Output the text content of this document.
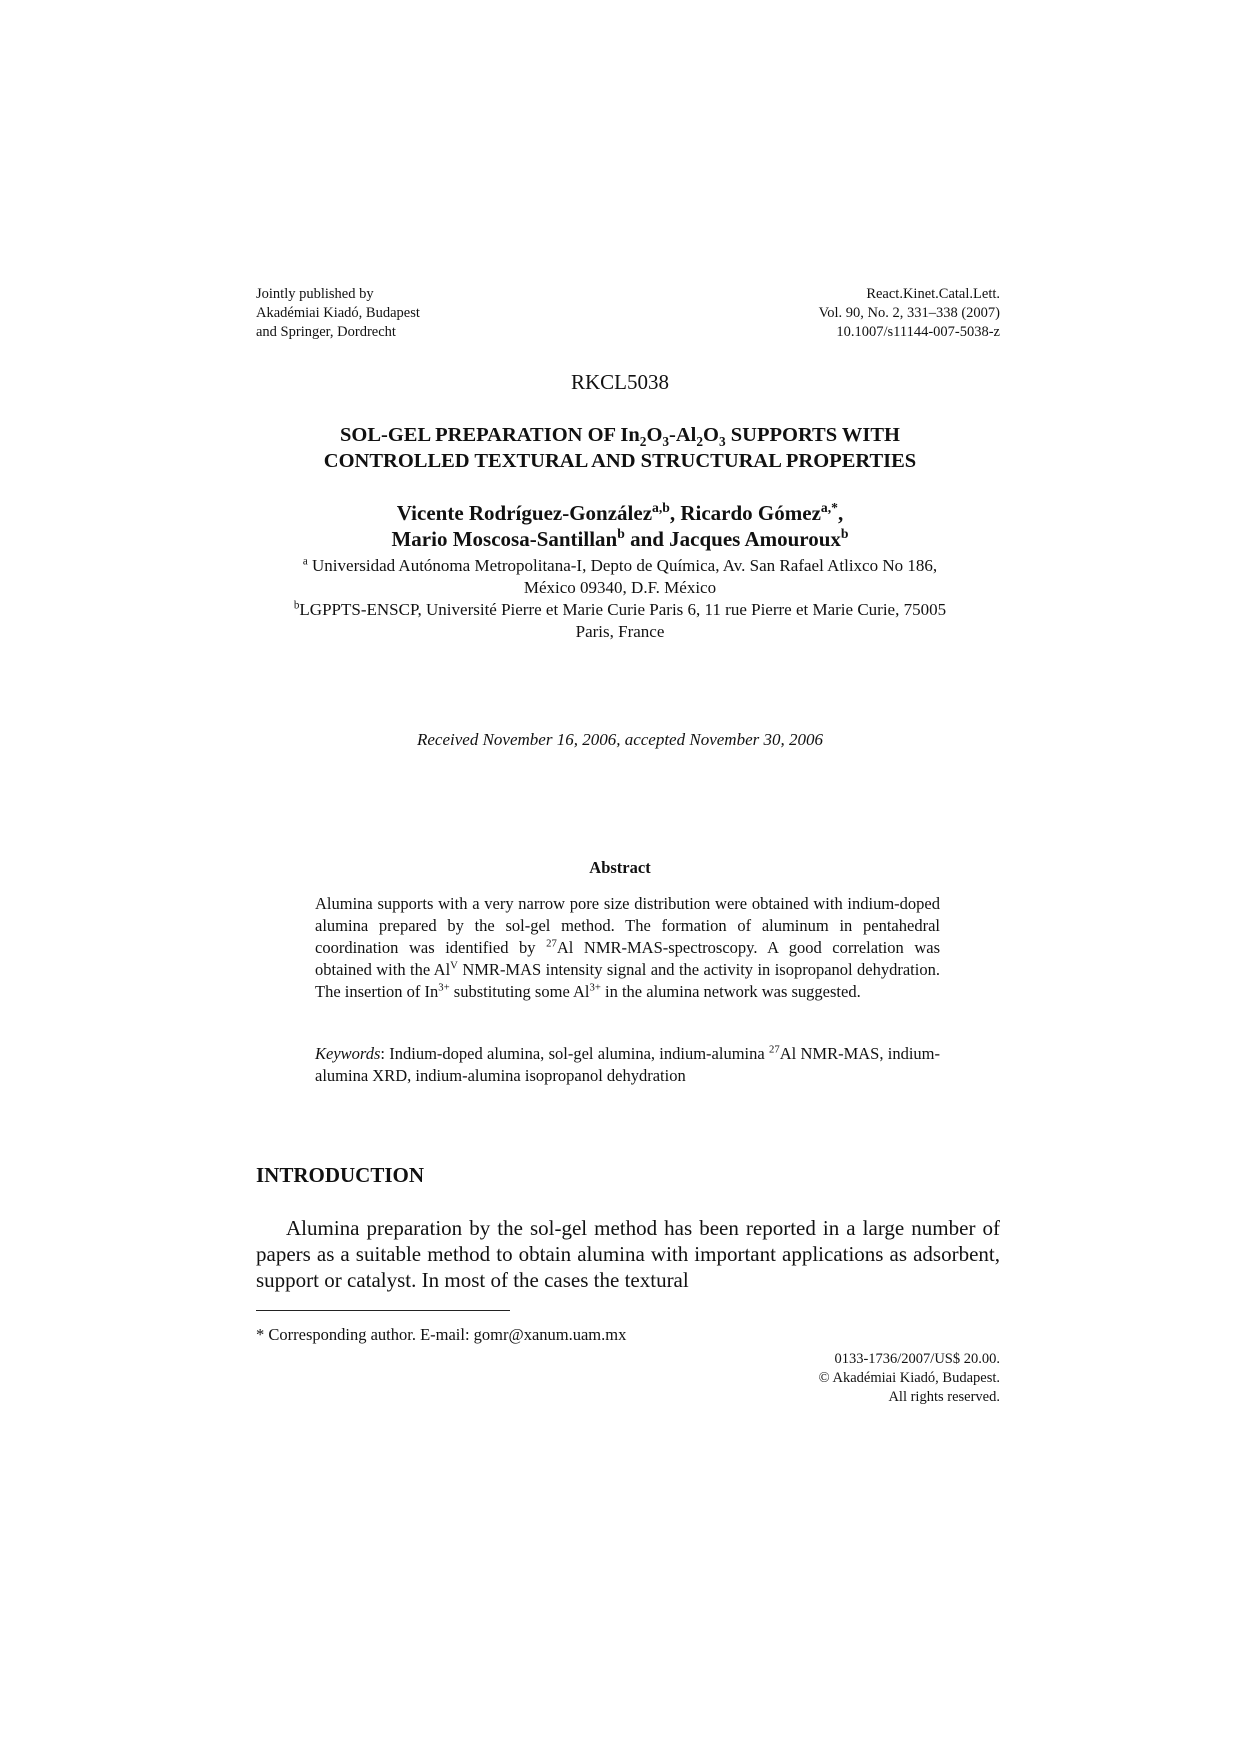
Jointly published by
Akadémiai Kiadó, Budapest
and Springer, Dordrecht
React.Kinet.Catal.Lett.
Vol. 90, No. 2, 331–338 (2007)
10.1007/s11144-007-5038-z
RKCL5038
SOL-GEL PREPARATION OF $In_2O_3-Al_2O_3$ SUPPORTS WITH
CONTROLLED TEXTURAL AND STRUCTURAL PROPERTIES
Vicente Rodríguez-González$^{a,b}$, Ricardo Gómez$^{a,*}$,
Mario Moscosa-Santillan$^b$ and Jacques Amouroux$^b$
$^a$ Universidad Autónoma Metropolitana-I, Depto de Química, Av. San Rafael Atlixco No 186,
México 09340, D.F. México
$^b$LGPPTS-ENSCP, Université Pierre et Marie Curie Paris 6, 11 rue Pierre et Marie Curie, 75005
Paris, France
Received November 16, 2006, accepted November 30, 2006
Abstract

Alumina supports with a very narrow pore size distribution were obtained with indium-doped alumina prepared by the sol-gel method. The formation of aluminum in pentahedral coordination was identified by $^{27}$Al NMR-MAS-spectroscopy. A good correlation was obtained with the $Al^V$ NMR-MAS intensity signal and the activity in isopropanol dehydration. The insertion of $In^{3+}$ substituting some $Al^{3+}$ in the alumina network was suggested.

Keywords: Indium-doped alumina, sol-gel alumina, indium-alumina $^{27}$Al NMR-MAS, indium-alumina XRD, indium-alumina isopropanol dehydration

INTRODUCTION

Alumina preparation by the sol-gel method has been reported in a large number of papers as a suitable method to obtain alumina with important applications as adsorbent, support or catalyst. In most of the cases the textural

* Corresponding author. E-mail: gomr@xanum.uam.mx
0133-1736/2007/US$ 20.00.
© Akadémiai Kiadó, Budapest.
All rights reserved.
